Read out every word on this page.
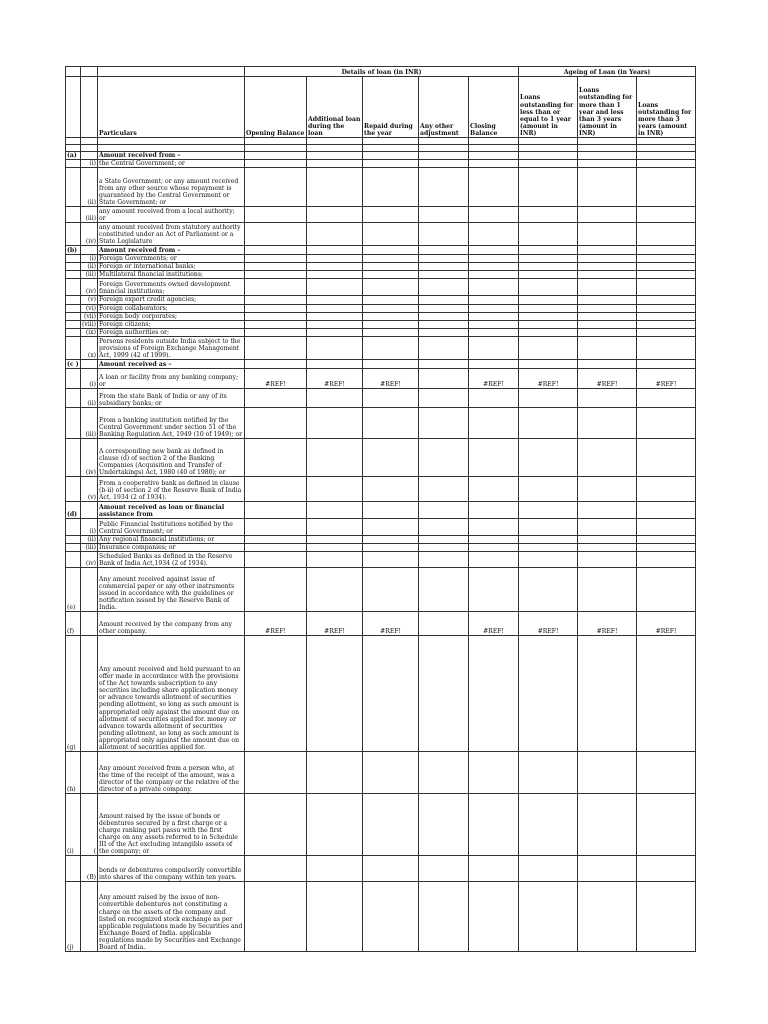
			Details of loan (in INR)					Ageing of Loan (in Years)		
		Particulars	Opening Balance	Additional loan during the loan	Repaid during the year	Any other adjustment	Closing Balance	Loans outstanding for less than or equal to 1 year (amount in INR)	Loans outstanding for more than 1 year and less than 3 years (amount in INR)	Loans outstanding for more than 3 years (amount in INR)

(a)		Amount received from –								
	(i)	the Central Government; or								
	(ii)	a State Government; or any amount received from any other source whose repayment is guaranteed by the Central Government or State Government; or								
	(iii)	any amount received from a local authority; or								
	(iv)	any amount received from statutory authority constituted under an Act of Parliament or a State Legislature								
(b)		Amount received from –								
	(i)	Foreign Governments; or								
	(ii)	Foreign or international banks;								
	(iii)	Multilateral financial institutions;								
	(iv)	Foreign Governments owned development financial institutions;								
	(v)	Foreign export credit agencies;								
	(vi)	Foreign collaborators;								
	(vii)	Foreign body corporates;								
	(viii)	Foreign citizens;								
	(ix)	Foreign authorities or;								
	(x)	Persons residents outside India subject to the provisions of Foreign Exchange Management Act, 1999 (42 of 1999).								
(c )		Amount received as –								
	(i)	A loan or facility from any banking company; or	#REF!	#REF!	#REF!		#REF!	#REF!	#REF!	#REF!
	(ii)	From the state Bank of India or any of its subsidiary banks; or								
	(iii)	From a banking institution notified by the Central Government under section 51 of the Banking Regulation Act, 1949 (10 of 1949); or								
	(iv)	A corresponding new bank as defined in clause (d) of section 2 of the Banking Companies (Acquisition and Transfer of Undertakings) Act, 1980 (40 of 1980); or								
	(v)	From a cooperative bank as defined in clause (b-ii) of section 2 of the Reserve Bank of India Act, 1934 (2 of 1934).								
(d)		Amount received as loan or financial assistance from								
	(i)	Public Financial Institutions notified by the Central Government; or								
	(ii)	Any regional financial institutions; or								
	(iii)	Insurance companies; or								
	(iv)	Scheduled Banks as defined in the Reserve Bank of India Act,1934 (2 of 1934).								
(e)		Any amount received against issue of commercial paper or any other instruments issued in accordance with the guidelines or notification issued by the Reserve Bank of India.								
(f)		Amount received by the company from any other company.	#REF!	#REF!	#REF!		#REF!	#REF!	#REF!	#REF!
(g)		Any amount received and held pursuant to an offer made in accordance with the provisions of the Act towards subscription to any securities including share application money or advance towards allotment of securities pending allotment, so long as such amount is appropriated only against the amount due on allotment of securities applied for. money or advance towards allotment of securities pending allotment, so long as such amount is appropriated only against the amount due on allotment of securities applied for.								
(h)		Any amount received from a person who, at the time of the receipt of the amount, was a director of the company or the relative of the director of a private company.								
(i)	(	Amount raised by the issue of bonds or debentures secured by a first charge or a charge ranking pari passu with the first charge on any assets referred to in Schedule III of the Act excluding intangible assets of the company; or								
	(B)	bonds or debentures compulsorily convertible into shares of the company within ten years.								
(j)		Any amount raised by the issue of non-convertible debentures not constituting a charge on the assets of the company and listed on recognized stock exchange as per applicable regulations made by Securities and Exchange Board of India. applicable regulations made by Securities and Exchange Board of India.								
